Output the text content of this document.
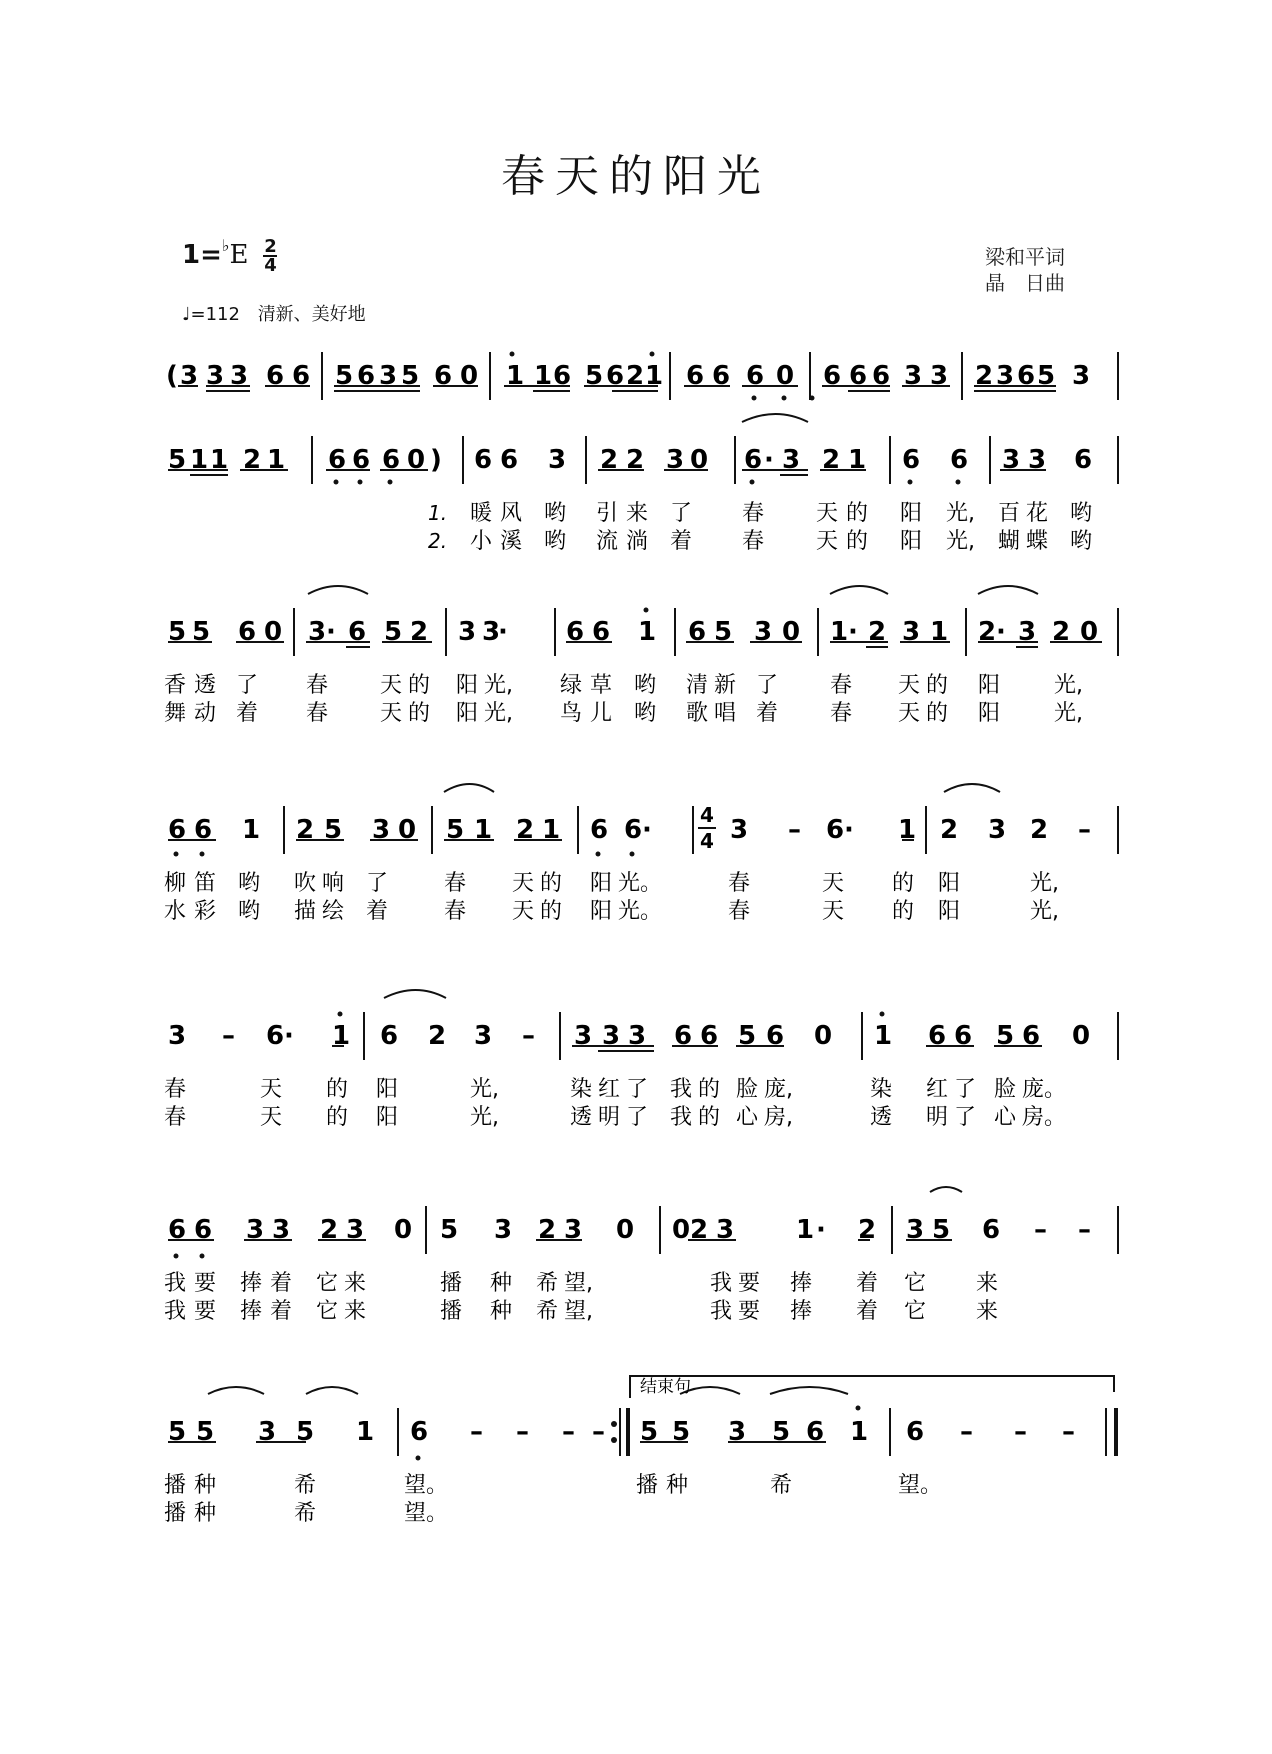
春天的阳光
$1=^♭E \frac{2}{4}$	梁和平词
晶　日曲
♩=112 清新、美好地
( 3 3 3 6 6 5 6 3 5 6 0 1 1 6 5 6 2 1 6 6 6 0 6 6 6 3 3 2 3 6 5 3
5 1 1 2 1 6 6 6 0 ) 6 6 3 2 2 3 0 6 · 3 2 1 6 6 3 3 6
1. 暖 风 哟 引 来 了 春 天 的 阳 光, 百 花 哟
2. 小 溪 哟 流 淌 着 春 天 的 阳 光, 蝴 蝶 哟
5 5 6 0 3 · 6 5 2 3 3
· 6 6 1 6 5 3 0 1 · 2 3 1 2 · 3 2 0
香 透 了 春 天 的 阳 光, 绿 草 哟 清 新 了 春 天 的 阳 光,
舞 动 着 春 天 的 阳 光, 鸟 儿 哟 歌 唱 着 春 天 的 阳 光,
6 6 1 2 5 3 0 5 1 2 1 6 6 ·	3 – 6 · 1 2 3 2 –
4
4
柳 笛 哟 吹 响 了	春 天 的 阳 光。	春	天 的 阳	光,
水 彩 哟 描 绘 着	春 天 的 阳 光。	春	天 的 阳	光,
3 – 6 · 1 6 2 3 – 3 3 3 6 6 5 6 0 1 6 6 5 6 0
春	天 的 阳	光,	染 红 了 我 的 脸 庞,	染 红 了 脸 庞。
春	天 的 阳	光,	透 明 了 我 的 心 房,	透 明 了 心 房。
6 6 3 3 2 3 0 5 3 2 3 0 0 2 3 1 · 2 3 5 6 – –
我 要 捧 着 它 来	播 种 希 望,	我 要 捧 着 它 来
我 要 捧 着 它 来	播 种 希 望,	我 要 捧 着 它 来
结束句
5 5 3 5 1 6 – – – – 5 5 3 5 6 1 6 – – –
播 种	希	望。	播 种	希	望。
播 种	希	望。
